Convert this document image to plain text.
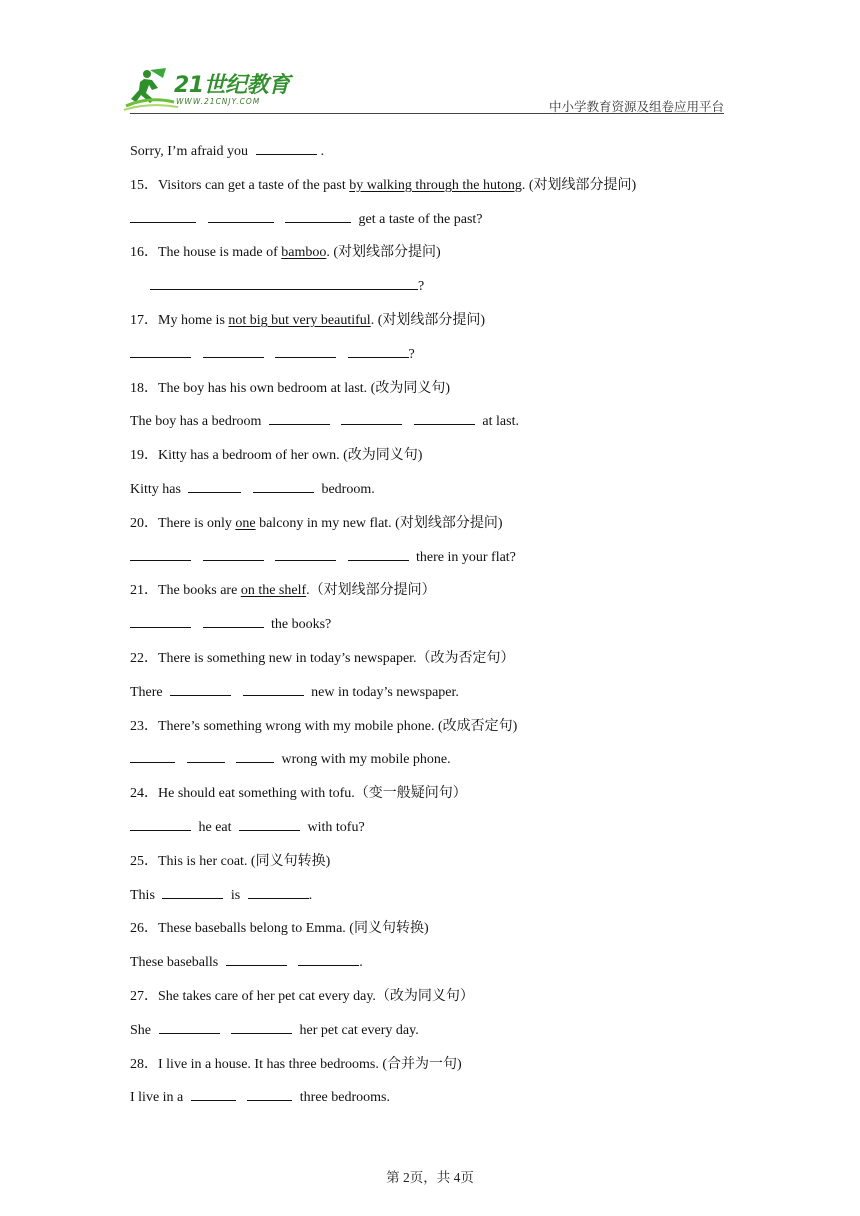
21世纪教育
WWW.21CNJY.COM	中小学教育资源及组卷应用平台
Sorry, I’m afraid you	.
15．Visitors can get a taste of the past by walking through the hutong. (对划线部分提问)
get a taste of the past?
16．The house is made of bamboo. (对划线部分提问)
?
17．My home is not big but very beautiful. (对划线部分提问)
?
18．The boy has his own bedroom at last. (改为同义句)
The boy has a bedroom	at last.
19．Kitty has a bedroom of her own. (改为同义句)
Kitty has	bedroom.
20．There is only one balcony in my new flat. (对划线部分提问)
there in your flat?
21．The books are on the shelf.（对划线部分提问）
the books?
22．There is something new in today’s newspaper.（改为否定句）
There	new in today’s newspaper.
23．There’s something wrong with my mobile phone. (改成否定句)
wrong with my mobile phone.
24．He should eat something with tofu.（变一般疑问句）
he eat	with tofu?
25．This is her coat. (同义句转换)
This	is	.
26．These baseballs belong to Emma. (同义句转换)
These baseballs	.
27．She takes care of her pet cat every day.（改为同义句）
She	her pet cat every day.
28．I live in a house. It has three bedrooms. (合并为一句)
I live in a	three bedrooms.
第 2页，共 4页
